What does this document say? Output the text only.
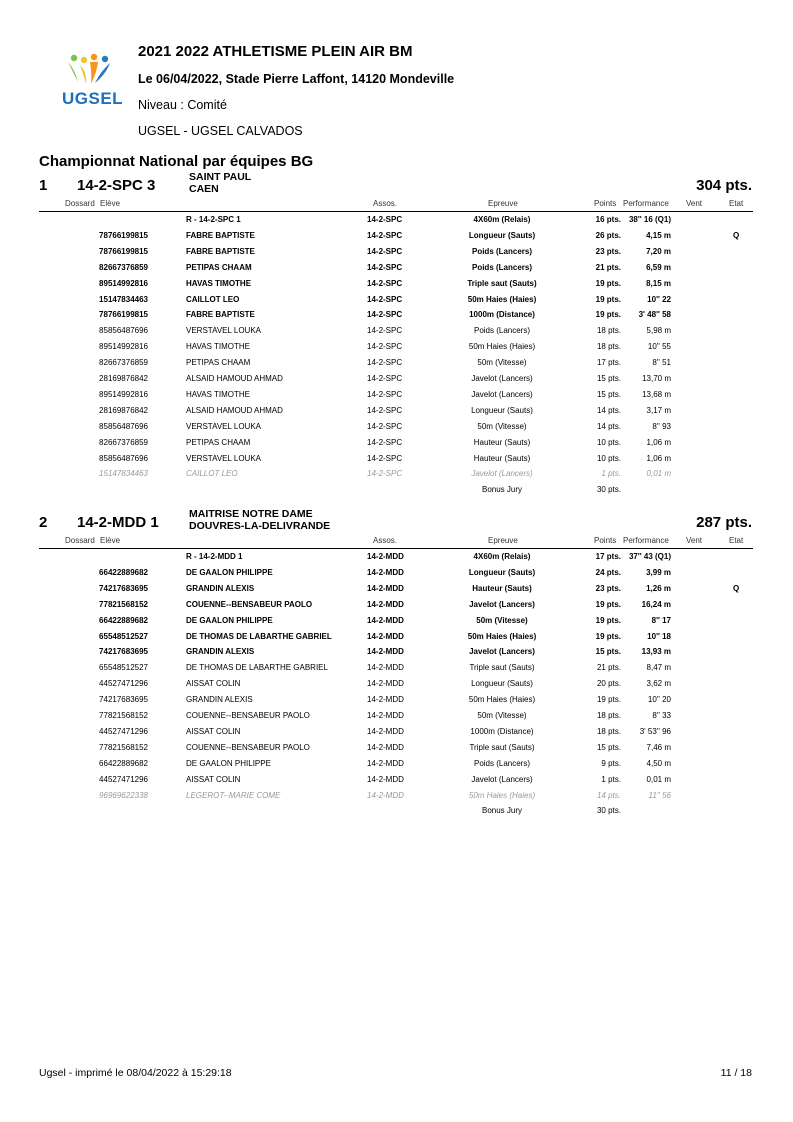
UGSEL
2021 2022 ATHLETISME PLEIN AIR BM
Le 06/04/2022, Stade Pierre Laffont, 14120 Mondeville
Niveau : Comité
UGSEL - UGSEL CALVADOS
Championnat National par équipes BG
1 14-2-SPC 3	SAINT PAUL
CAEN	304 pts.
Dossard Elève	Assos.	Epreuve	Points Performance Vent	Etat
R - 14-2-SPC 1	14-2-SPC	4X60m (Relais)	16 pts. 38'' 16 (Q1)
78766199815	FABRE BAPTISTE	14-2-SPC	Longueur (Sauts)	26 pts.	4,15 m	Q
78766199815	FABRE BAPTISTE	14-2-SPC	Poids (Lancers)	23 pts.	7,20 m
82667376859	PETIPAS CHAAM	14-2-SPC	Poids (Lancers)	21 pts.	6,59 m
89514992816	HAVAS TIMOTHE	14-2-SPC	Triple saut (Sauts)	19 pts.	8,15 m
15147834463	CAILLOT LEO	14-2-SPC	50m Haies (Haies)	19 pts.	10'' 22
78766199815	FABRE BAPTISTE	14-2-SPC	1000m (Distance)	19 pts. 3' 48'' 58
85856487696	VERSTAVEL LOUKA	14-2-SPC	Poids (Lancers)	18 pts.	5,98 m
89514992816	HAVAS TIMOTHE	14-2-SPC	50m Haies (Haies)	18 pts.	10'' 55
82667376859	PETIPAS CHAAM	14-2-SPC	50m (Vitesse)	17 pts.	8'' 51
28169876842	ALSAID HAMOUD AHMAD	14-2-SPC	Javelot (Lancers)	15 pts.	13,70 m
89514992816	HAVAS TIMOTHE	14-2-SPC	Javelot (Lancers)	15 pts.	13,68 m
28169876842	ALSAID HAMOUD AHMAD	14-2-SPC	Longueur (Sauts)	14 pts.	3,17 m
85856487696	VERSTAVEL LOUKA	14-2-SPC	50m (Vitesse)	14 pts.	8'' 93
82667376859	PETIPAS CHAAM	14-2-SPC	Hauteur (Sauts)	10 pts.	1,06 m
85856487696	VERSTAVEL LOUKA	14-2-SPC	Hauteur (Sauts)	10 pts.	1,06 m
15147834463	CAILLOT LEO	14-2-SPC	Javelot (Lancers)	1 pts.	0,01 m
Bonus Jury	30 pts.
2 14-2-MDD 1	MAITRISE NOTRE DAME
DOUVRES-LA-DELIVRANDE	287 pts.
Dossard Elève	Assos.	Epreuve	Points Performance Vent	Etat
R - 14-2-MDD 1	14-2-MDD	4X60m (Relais)	17 pts. 37'' 43 (Q1)
66422889682	DE GAALON PHILIPPE	14-2-MDD	Longueur (Sauts)	24 pts.	3,99 m
74217683695	GRANDIN ALEXIS	14-2-MDD	Hauteur (Sauts)	23 pts.	1,26 m	Q
77821568152	COUENNE--BENSABEUR PAOLO	14-2-MDD	Javelot (Lancers)	19 pts.	16,24 m
66422889682	DE GAALON PHILIPPE	14-2-MDD	50m (Vitesse)	19 pts.	8'' 17
65548512527	DE THOMAS DE LABARTHE GABRIEL	14-2-MDD	50m Haies (Haies)	19 pts.	10'' 18
74217683695	GRANDIN ALEXIS	14-2-MDD	Javelot (Lancers)	15 pts.	13,93 m
65548512527	DE THOMAS DE LABARTHE GABRIEL	14-2-MDD	Triple saut (Sauts)	21 pts.	8,47 m
44527471296	AISSAT COLIN	14-2-MDD	Longueur (Sauts)	20 pts.	3,62 m
74217683695	GRANDIN ALEXIS	14-2-MDD	50m Haies (Haies)	19 pts.	10'' 20
77821568152	COUENNE--BENSABEUR PAOLO	14-2-MDD	50m (Vitesse)	18 pts.	8'' 33
44527471296	AISSAT COLIN	14-2-MDD	1000m (Distance)	18 pts. 3' 53'' 96
77821568152	COUENNE--BENSABEUR PAOLO	14-2-MDD	Triple saut (Sauts)	15 pts.	7,46 m
66422889682	DE GAALON PHILIPPE	14-2-MDD	Poids (Lancers)	9 pts.	4,50 m
44527471296	AISSAT COLIN	14-2-MDD	Javelot (Lancers)	1 pts.	0,01 m
96969622338	LEGEROT--MARIE COME	14-2-MDD	50m Haies (Haies)	14 pts.	11'' 56
Bonus Jury	30 pts.
Ugsel - imprimé le 08/04/2022 à 15:29:18	11 / 18
